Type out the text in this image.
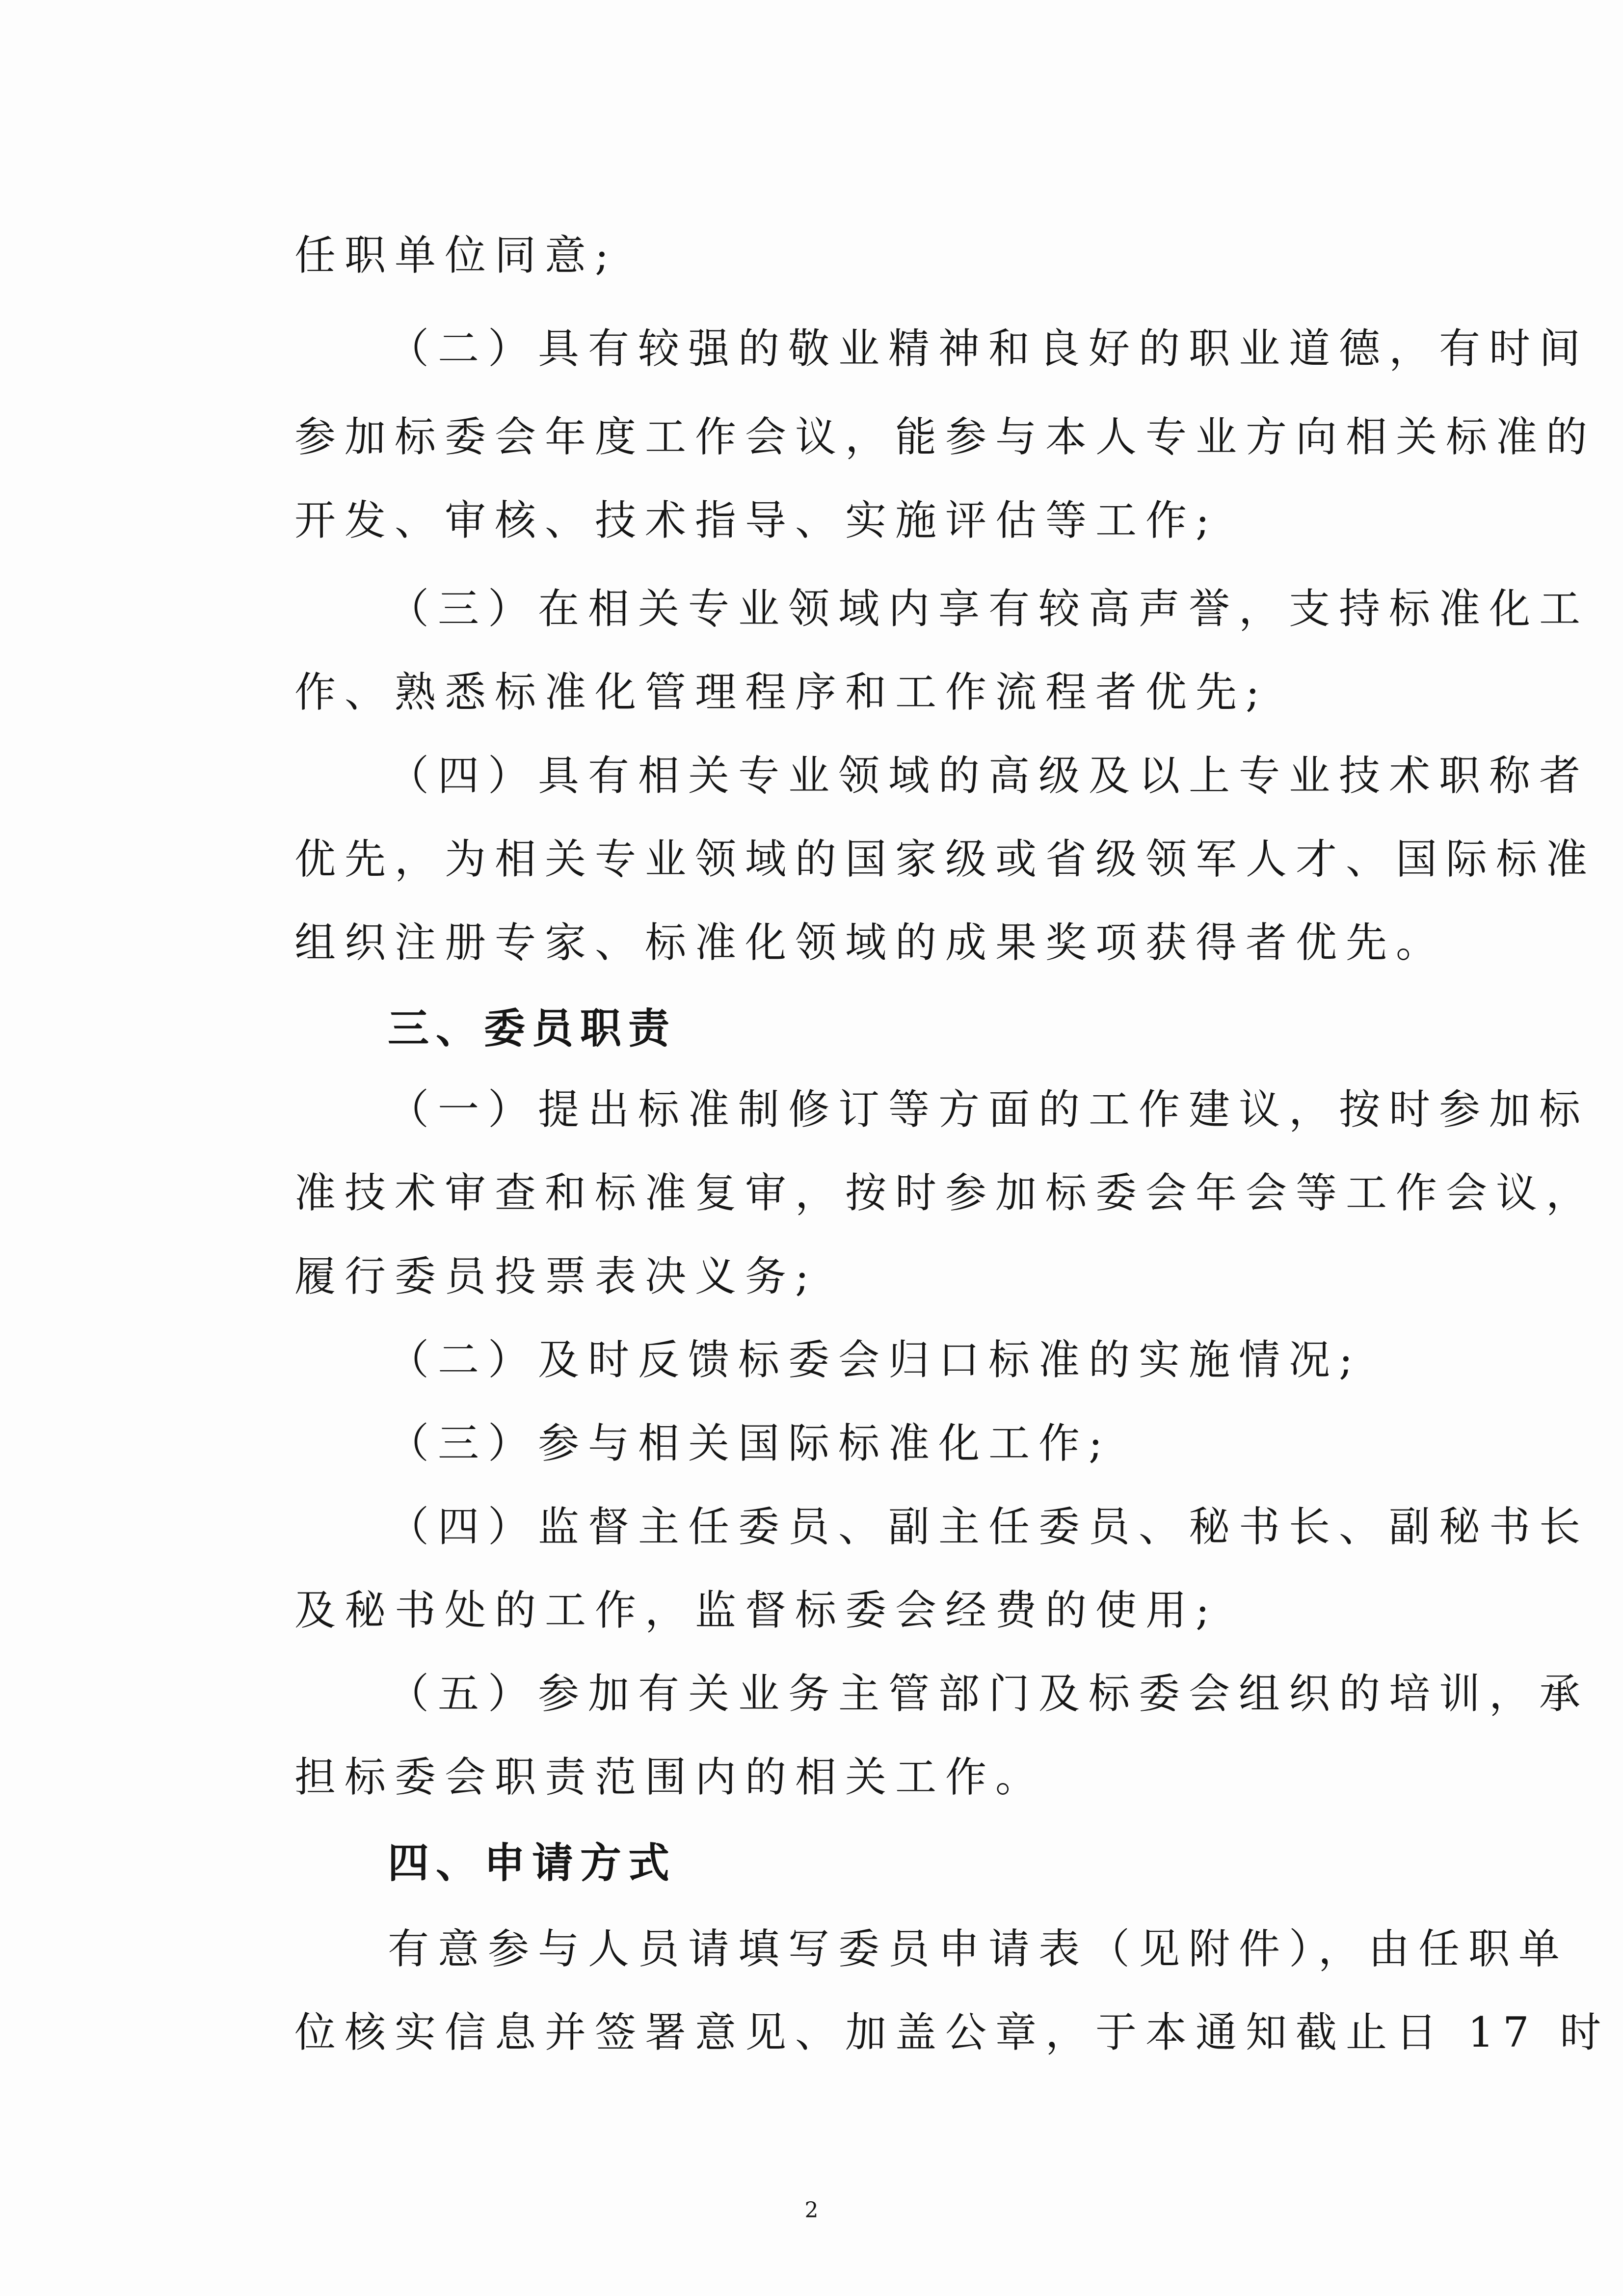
任职单位同意;
（二）具有较强的敬业精神和良好的职业道德，有时间
参加标委会年度工作会议，能参与本人专业方向相关标准的
开发、审核、技术指导、实施评估等工作;
（三）在相关专业领域内享有较高声誉，支持标准化工
作、熟悉标准化管理程序和工作流程者优先;
（四）具有相关专业领域的高级及以上专业技术职称者
优先，为相关专业领域的国家级或省级领军人才、国际标准
组织注册专家、标准化领域的成果奖项获得者优先。
三、委员职责
（一）提出标准制修订等方面的工作建议，按时参加标
准技术审查和标准复审，按时参加标委会年会等工作会议，
履行委员投票表决义务;
（二）及时反馈标委会归口标准的实施情况;
（三）参与相关国际标准化工作;
（四）监督主任委员、副主任委员、秘书长、副秘书长
及秘书处的工作，监督标委会经费的使用;
（五）参加有关业务主管部门及标委会组织的培训，承
担标委会职责范围内的相关工作。
四、申请方式
有意参与人员请填写委员申请表（见附件），由任职单
位核实信息并签署意见、加盖公章，于本通知截止日 17 时
2
